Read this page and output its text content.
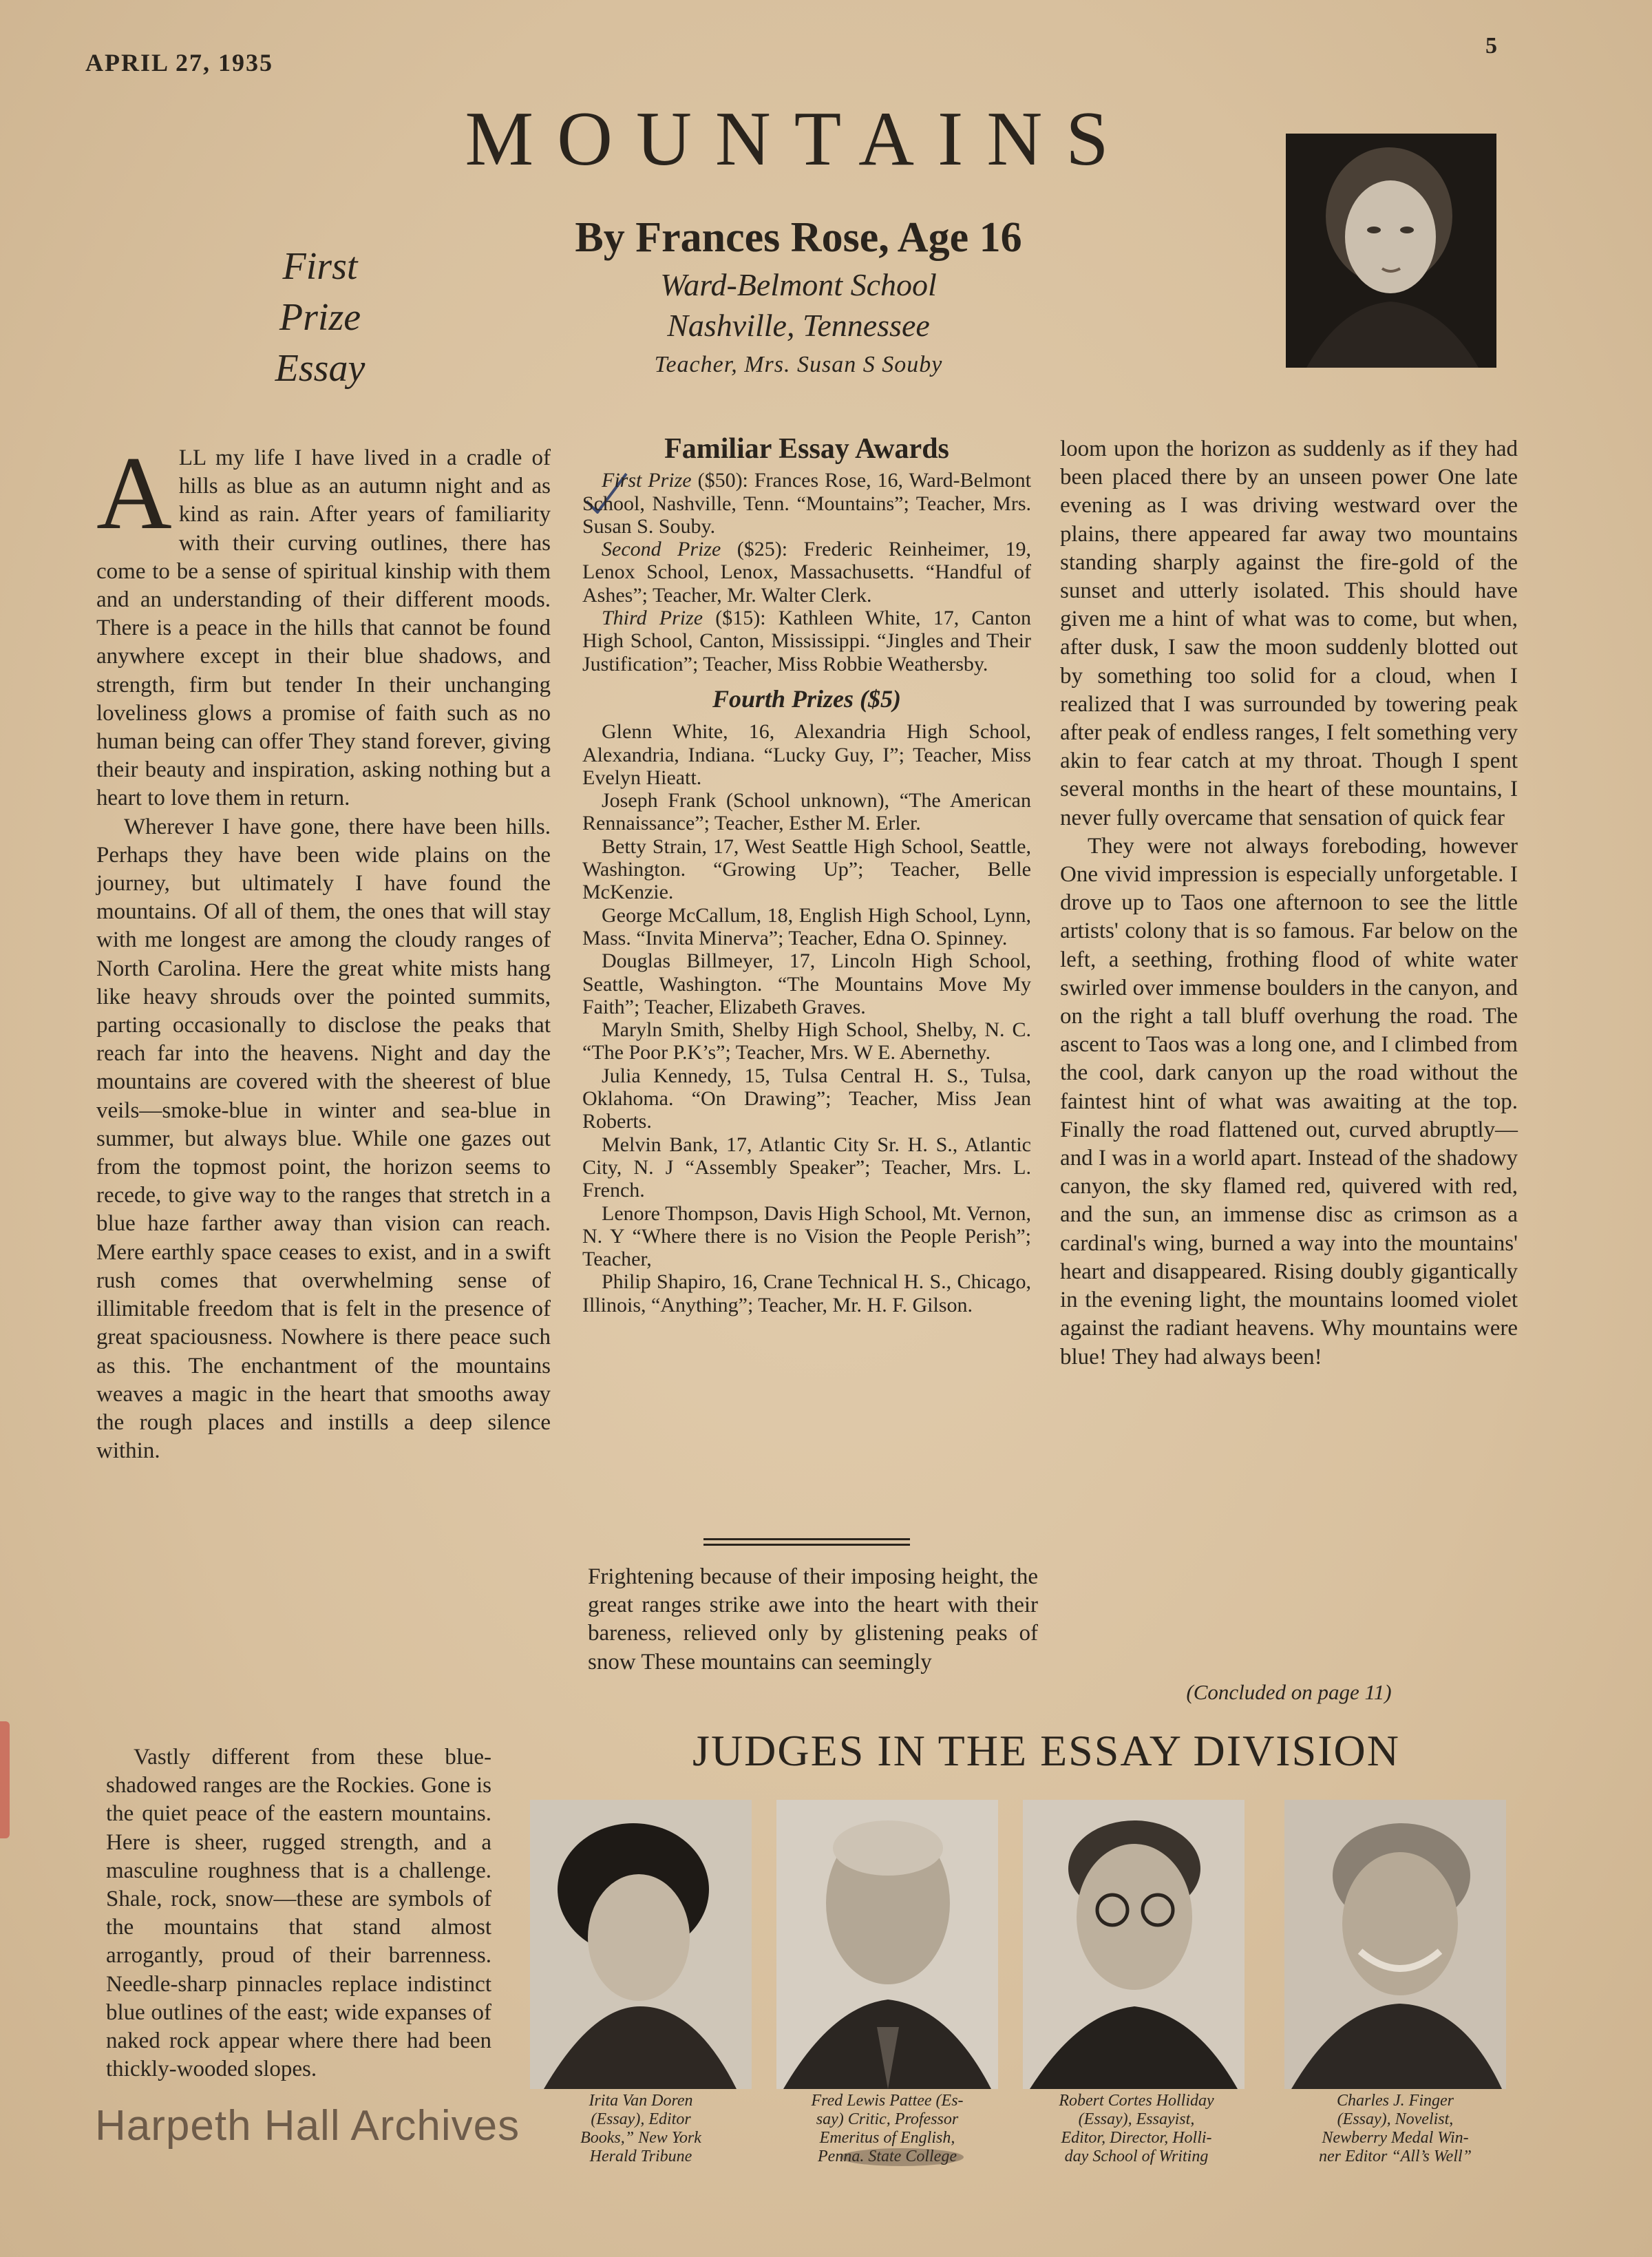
APRIL 27, 1935
5
MOUNTAINS
First
Prize
Essay
By Frances Rose, Age 16
Ward-Belmont School
Nashville, Tennessee
Teacher, Mrs. Susan S Souby

ALL my life I have lived in a cradle of hills as blue as an autumn night and as kind as rain. After years of familiarity with their curving outlines, there has come to be a sense of spiritual kinship with them and an understanding of their different moods. There is a peace in the hills that cannot be found anywhere except in their blue shadows, and strength, firm but tender In their unchanging loveliness glows a promise of faith such as no human being can offer They stand forever, giving their beauty and inspiration, asking nothing but a heart to love them in return.

Wherever I have gone, there have been hills. Perhaps they have been wide plains on the journey, but ultimately I have found the mountains. Of all of them, the ones that will stay with me longest are among the cloudy ranges of North Carolina. Here the great white mists hang like heavy shrouds over the pointed summits, parting occasionally to disclose the peaks that reach far into the heavens. Night and day the mountains are covered with the sheerest of blue veils—smoke-blue in winter and sea-blue in summer, but always blue. While one gazes out from the topmost point, the horizon seems to recede, to give way to the ranges that stretch in a blue haze farther away than vision can reach. Mere earthly space ceases to exist, and in a swift rush comes that overwhelming sense of illimitable freedom that is felt in the presence of great spaciousness. Nowhere is there peace such as this. The enchantment of the mountains weaves a magic in the heart that smooths away the rough places and instills a deep silence within.

Vastly different from these blue-shadowed ranges are the Rockies. Gone is the quiet peace of the eastern mountains. Here is sheer, rugged strength, and a masculine roughness that is a challenge. Shale, rock, snow—these are symbols of the mountains that stand almost arrogantly, proud of their barrenness. Needle-sharp pinnacles replace indistinct blue outlines of the east; wide expanses of naked rock appear where there had been thickly-wooded slopes.

Familiar Essay Awards

First Prize ($50): Frances Rose, 16, Ward-Belmont School, Nashville, Tenn. “Mountains”; Teacher, Mrs. Susan S. Souby.

Second Prize ($25): Frederic Reinheimer, 19, Lenox School, Lenox, Massachusetts. “Handful of Ashes”; Teacher, Mr. Walter Clerk.

Third Prize ($15): Kathleen White, 17, Canton High School, Canton, Mississippi. “Jingles and Their Justification”; Teacher, Miss Robbie Weathersby.

Fourth Prizes ($5)

Glenn White, 16, Alexandria High School, Alexandria, Indiana. “Lucky Guy, I”; Teacher, Miss Evelyn Hieatt.

Joseph Frank (School unknown), “The American Rennaissance”; Teacher, Esther M. Erler.

Betty Strain, 17, West Seattle High School, Seattle, Washington. “Growing Up”; Teacher, Belle McKenzie.

George McCallum, 18, English High School, Lynn, Mass. “Invita Minerva”; Teacher, Edna O. Spinney.

Douglas Billmeyer, 17, Lincoln High School, Seattle, Washington. “The Mountains Move My Faith”; Teacher, Elizabeth Graves.

Maryln Smith, Shelby High School, Shelby, N. C. “The Poor P.K’s”; Teacher, Mrs. W E. Abernethy.

Julia Kennedy, 15, Tulsa Central H. S., Tulsa, Oklahoma. “On Drawing”; Teacher, Miss Jean Roberts.

Melvin Bank, 17, Atlantic City Sr. H. S., Atlantic City, N. J “Assembly Speaker”; Teacher, Mrs. L. French.

Lenore Thompson, Davis High School, Mt. Vernon, N. Y “Where there is no Vision the People Perish”; Teacher,

Philip Shapiro, 16, Crane Technical H. S., Chicago, Illinois, “Anything”; Teacher, Mr. H. F. Gilson.

Frightening because of their imposing height, the great ranges strike awe into the heart with their bareness, relieved only by glistening peaks of snow These mountains can seemingly

loom upon the horizon as suddenly as if they had been placed there by an unseen power One late evening as I was driving westward over the plains, there appeared far away two mountains standing sharply against the fire-gold of the sunset and utterly isolated. This should have given me a hint of what was to come, but when, after dusk, I saw the moon suddenly blotted out by something too solid for a cloud, when I realized that I was surrounded by towering peak after peak of endless ranges, I felt something very akin to fear catch at my throat. Though I spent several months in the heart of these mountains, I never fully overcame that sensation of quick fear

They were not always foreboding, however One vivid impression is especially unforgetable. I drove up to Taos one afternoon to see the little artists' colony that is so famous. Far below on the left, a seething, frothing flood of white water swirled over immense boulders in the canyon, and on the right a tall bluff overhung the road. The ascent to Taos was a long one, and I climbed from the cool, dark canyon up the road without the faintest hint of what was awaiting at the top. Finally the road flattened out, curved abruptly—and I was in a world apart. Instead of the shadowy canyon, the sky flamed red, quivered with red, and the sun, an immense disc as crimson as a cardinal's wing, burned a way into the mountains' heart and disappeared. Rising doubly gigantically in the evening light, the mountains loomed violet against the radiant heavens. Why mountains were blue! They had always been!

(Concluded on page 11)
JUDGES IN THE ESSAY DIVISION
Irita Van Doren
(Essay), Editor
Books,” New York
Herald Tribune
Fred Lewis Pattee (Es-
say) Critic, Professor
Emeritus of English,
Penna. State College
Robert Cortes Holliday
(Essay), Essayist,
Editor, Director, Holli-
day School of Writing
Charles J. Finger
(Essay), Novelist,
Newberry Medal Win-
ner Editor “All’s Well”
Harpeth Hall Archives
